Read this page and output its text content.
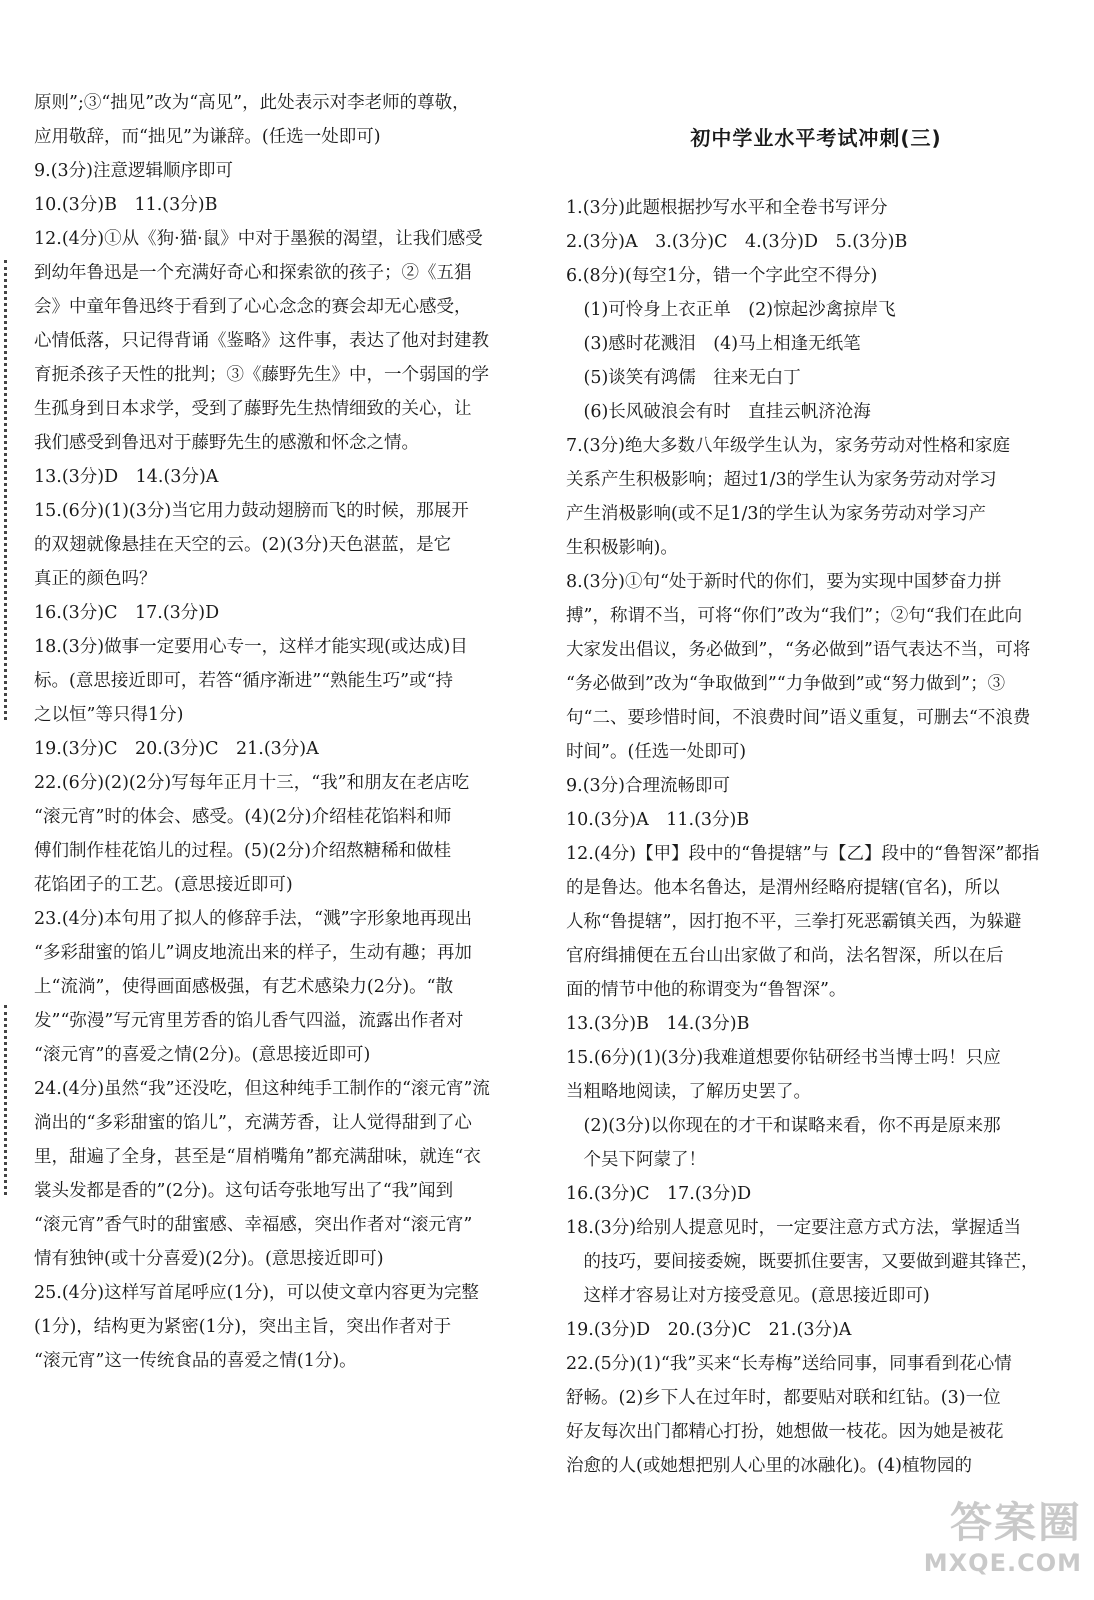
原则”;③“拙见”改为“高见”，此处表示对李老师的尊敬，
应用敬辞，而“拙见”为谦辞。(任选一处即可)
9.(3分)注意逻辑顺序即可
10.(3分)B　11.(3分)B
12.(4分)①从《狗·猫·鼠》中对于墨猴的渴望，让我们感受
到幼年鲁迅是一个充满好奇心和探索欲的孩子；②《五猖
会》中童年鲁迅终于看到了心心念念的赛会却无心感受，
心情低落，只记得背诵《鉴略》这件事，表达了他对封建教
育扼杀孩子天性的批判；③《藤野先生》中，一个弱国的学
生孤身到日本求学，受到了藤野先生热情细致的关心，让
我们感受到鲁迅对于藤野先生的感激和怀念之情。
13.(3分)D　14.(3分)A
15.(6分)(1)(3分)当它用力鼓动翅膀而飞的时候，那展开
的双翅就像悬挂在天空的云。(2)(3分)天色湛蓝，是它
真正的颜色吗？
16.(3分)C　17.(3分)D
18.(3分)做事一定要用心专一，这样才能实现(或达成)目
标。(意思接近即可，若答“循序渐进”“熟能生巧”或“持
之以恒”等只得1分)
19.(3分)C　20.(3分)C　21.(3分)A
22.(6分)(2)(2分)写每年正月十三，“我”和朋友在老店吃
“滚元宵”时的体会、感受。(4)(2分)介绍桂花馅料和师
傅们制作桂花馅儿的过程。(5)(2分)介绍熬糖稀和做桂
花馅团子的工艺。(意思接近即可)
23.(4分)本句用了拟人的修辞手法，“溅”字形象地再现出
“多彩甜蜜的馅儿”调皮地流出来的样子，生动有趣；再加
上“流淌”，使得画面感极强，有艺术感染力(2分)。“散
发”“弥漫”写元宵里芳香的馅儿香气四溢，流露出作者对
“滚元宵”的喜爱之情(2分)。(意思接近即可)
24.(4分)虽然“我”还没吃，但这种纯手工制作的“滚元宵”流
淌出的“多彩甜蜜的馅儿”，充满芳香，让人觉得甜到了心
里，甜遍了全身，甚至是“眉梢嘴角”都充满甜味，就连“衣
裳头发都是香的”(2分)。这句话夸张地写出了“我”闻到
“滚元宵”香气时的甜蜜感、幸福感，突出作者对“滚元宵”
情有独钟(或十分喜爱)(2分)。(意思接近即可)
25.(4分)这样写首尾呼应(1分)，可以使文章内容更为完整
(1分)，结构更为紧密(1分)，突出主旨，突出作者对于
“滚元宵”这一传统食品的喜爱之情(1分)。
初中学业水平考试冲刺(三)
1.(3分)此题根据抄写水平和全卷书写评分
2.(3分)A　3.(3分)C　4.(3分)D　5.(3分)B
6.(8分)(每空1分，错一个字此空不得分)
　(1)可怜身上衣正单　(2)惊起沙禽掠岸飞
　(3)感时花溅泪　(4)马上相逢无纸笔
　(5)谈笑有鸿儒　往来无白丁
　(6)长风破浪会有时　直挂云帆济沧海
7.(3分)绝大多数八年级学生认为，家务劳动对性格和家庭
关系产生积极影响；超过1/3的学生认为家务劳动对学习
产生消极影响(或不足1/3的学生认为家务劳动对学习产
生积极影响)。
8.(3分)①句“处于新时代的你们，要为实现中国梦奋力拼
搏”，称谓不当，可将“你们”改为“我们”；②句“我们在此向
大家发出倡议，务必做到”，“务必做到”语气表达不当，可将
“务必做到”改为“争取做到”“力争做到”或“努力做到”；③
句“二、要珍惜时间，不浪费时间”语义重复，可删去“不浪费
时间”。(任选一处即可)
9.(3分)合理流畅即可
10.(3分)A　11.(3分)B
12.(4分)【甲】段中的“鲁提辖”与【乙】段中的“鲁智深”都指
的是鲁达。他本名鲁达，是渭州经略府提辖(官名)，所以
人称“鲁提辖”，因打抱不平，三拳打死恶霸镇关西，为躲避
官府缉捕便在五台山出家做了和尚，法名智深，所以在后
面的情节中他的称谓变为“鲁智深”。
13.(3分)B　14.(3分)B
15.(6分)(1)(3分)我难道想要你钻研经书当博士吗！只应
当粗略地阅读，了解历史罢了。
　(2)(3分)以你现在的才干和谋略来看，你不再是原来那
　个吴下阿蒙了！
16.(3分)C　17.(3分)D
18.(3分)给别人提意见时，一定要注意方式方法，掌握适当
　的技巧，要间接委婉，既要抓住要害，又要做到避其锋芒，
　这样才容易让对方接受意见。(意思接近即可)
19.(3分)D　20.(3分)C　21.(3分)A
22.(5分)(1)“我”买来“长寿梅”送给同事，同事看到花心情
舒畅。(2)乡下人在过年时，都要贴对联和红钻。(3)一位
好友每次出门都精心打扮，她想做一枝花。因为她是被花
治愈的人(或她想把别人心里的冰融化)。(4)植物园的
答案圈
MXQE.COM
